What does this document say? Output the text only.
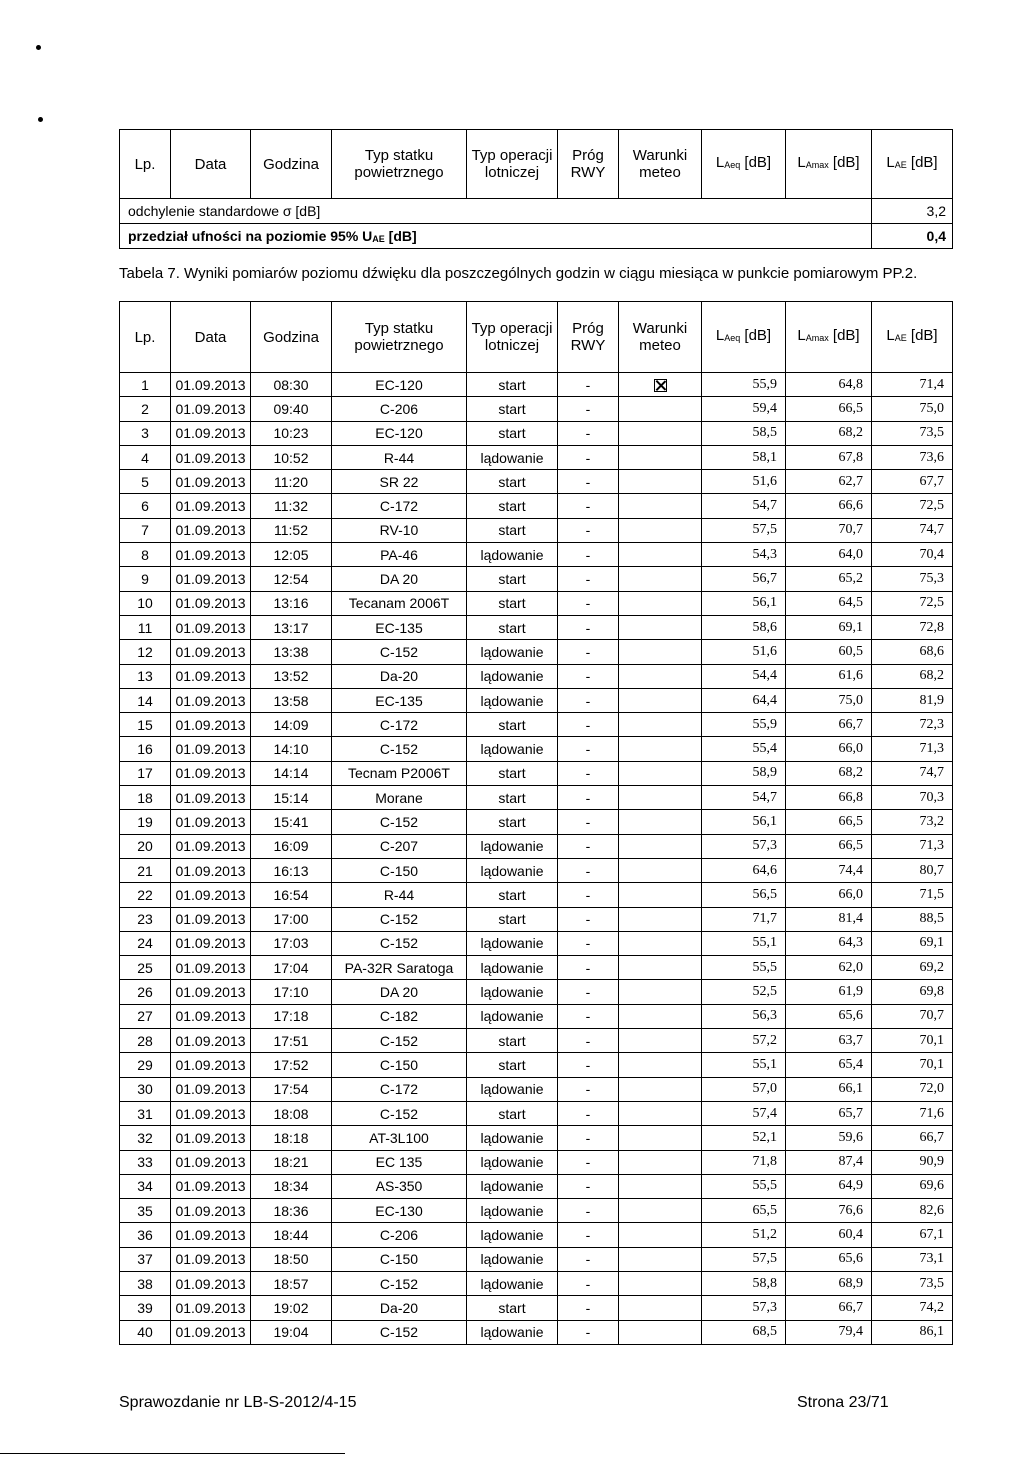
Lp.	Data	Godzina	Typ statku powietrznego	Typ operacji lotniczej	Próg RWY	Warunki meteo	LAeq [dB]	LAmax [dB]	LAE [dB]
odchylenie standardowe σ [dB]									3,2
przedział ufności na poziomie 95% UAE [dB]									0,4
Tabela 7. Wyniki pomiarów poziomu dźwięku dla poszczególnych godzin w ciągu miesiąca w punkcie pomiarowym PP.2.
Lp.	Data	Godzina	Typ statku powietrznego	Typ operacji lotniczej	Próg RWY	Warunki meteo	LAeq [dB]	LAmax [dB]	LAE [dB]
1	01.09.2013	08:30	EC-120	start	-		55,9	64,8	71,4
2	01.09.2013	09:40	C-206	start	-		59,4	66,5	75,0
3	01.09.2013	10:23	EC-120	start	-		58,5	68,2	73,5
4	01.09.2013	10:52	R-44	lądowanie	-		58,1	67,8	73,6
5	01.09.2013	11:20	SR 22	start	-		51,6	62,7	67,7
6	01.09.2013	11:32	C-172	start	-		54,7	66,6	72,5
7	01.09.2013	11:52	RV-10	start	-		57,5	70,7	74,7
8	01.09.2013	12:05	PA-46	lądowanie	-		54,3	64,0	70,4
9	01.09.2013	12:54	DA 20	start	-		56,7	65,2	75,3
10	01.09.2013	13:16	Tecanam 2006T	start	-		56,1	64,5	72,5
11	01.09.2013	13:17	EC-135	start	-		58,6	69,1	72,8
12	01.09.2013	13:38	C-152	lądowanie	-		51,6	60,5	68,6
13	01.09.2013	13:52	Da-20	lądowanie	-		54,4	61,6	68,2
14	01.09.2013	13:58	EC-135	lądowanie	-		64,4	75,0	81,9
15	01.09.2013	14:09	C-172	start	-		55,9	66,7	72,3
16	01.09.2013	14:10	C-152	lądowanie	-		55,4	66,0	71,3
17	01.09.2013	14:14	Tecnam P2006T	start	-		58,9	68,2	74,7
18	01.09.2013	15:14	Morane	start	-		54,7	66,8	70,3
19	01.09.2013	15:41	C-152	start	-		56,1	66,5	73,2
20	01.09.2013	16:09	C-207	lądowanie	-		57,3	66,5	71,3
21	01.09.2013	16:13	C-150	lądowanie	-		64,6	74,4	80,7
22	01.09.2013	16:54	R-44	start	-		56,5	66,0	71,5
23	01.09.2013	17:00	C-152	start	-		71,7	81,4	88,5
24	01.09.2013	17:03	C-152	lądowanie	-		55,1	64,3	69,1
25	01.09.2013	17:04	PA-32R Saratoga	lądowanie	-		55,5	62,0	69,2
26	01.09.2013	17:10	DA 20	lądowanie	-		52,5	61,9	69,8
27	01.09.2013	17:18	C-182	lądowanie	-		56,3	65,6	70,7
28	01.09.2013	17:51	C-152	start	-		57,2	63,7	70,1
29	01.09.2013	17:52	C-150	start	-		55,1	65,4	70,1
30	01.09.2013	17:54	C-172	lądowanie	-		57,0	66,1	72,0
31	01.09.2013	18:08	C-152	start	-		57,4	65,7	71,6
32	01.09.2013	18:18	AT-3L100	lądowanie	-		52,1	59,6	66,7
33	01.09.2013	18:21	EC 135	lądowanie	-		71,8	87,4	90,9
34	01.09.2013	18:34	AS-350	lądowanie	-		55,5	64,9	69,6
35	01.09.2013	18:36	EC-130	lądowanie	-		65,5	76,6	82,6
36	01.09.2013	18:44	C-206	lądowanie	-		51,2	60,4	67,1
37	01.09.2013	18:50	C-150	lądowanie	-		57,5	65,6	73,1
38	01.09.2013	18:57	C-152	lądowanie	-		58,8	68,9	73,5
39	01.09.2013	19:02	Da-20	start	-		57,3	66,7	74,2
40	01.09.2013	19:04	C-152	lądowanie	-		68,5	79,4	86,1
Sprawozdanie nr LB-S-2012/4-15	Strona 23/71
